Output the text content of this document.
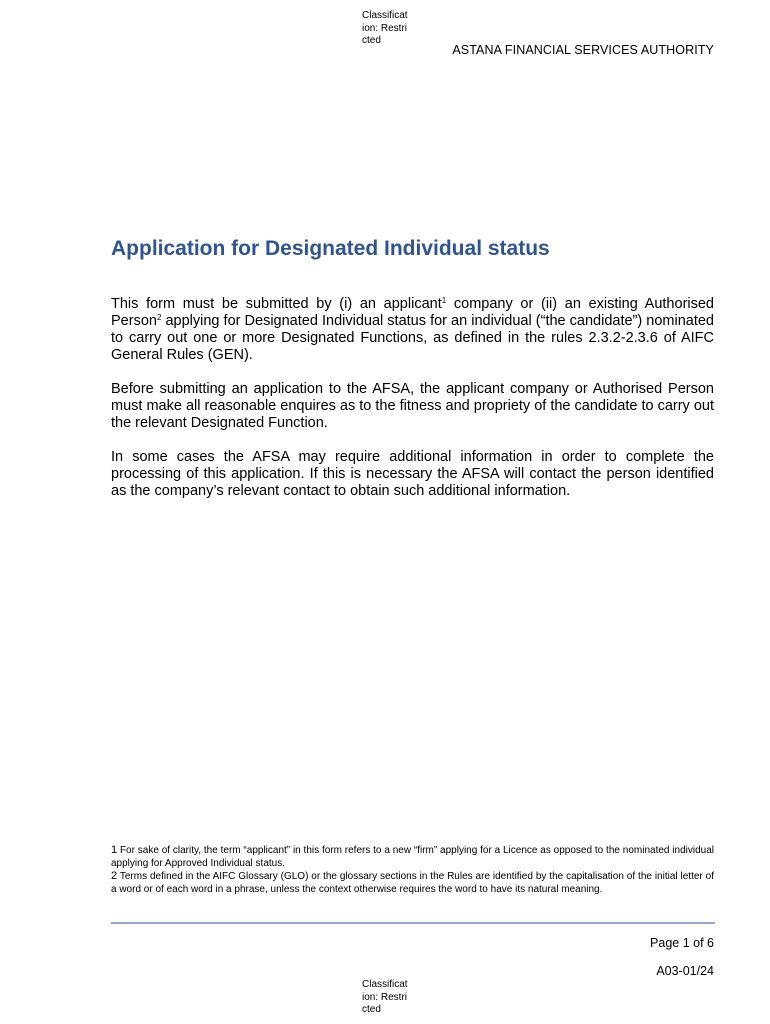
Classification: Restricted
ASTANA FINANCIAL SERVICES AUTHORITY
Application for Designated Individual status

This form must be submitted by (i) an applicant$^1$ company or (ii) an existing Authorised Person$^2$ applying for Designated Individual status for an individual (“the candidate”) nominated to carry out one or more Designated Functions, as defined in the rules 2.3.2-2.3.6 of AIFC General Rules (GEN).

Before submitting an application to the AFSA, the applicant company or Authorised Person must make all reasonable enquires as to the fitness and propriety of the candidate to carry out the relevant Designated Function.

In some cases the AFSA may require additional information in order to complete the processing of this application. If this is necessary the AFSA will contact the person identified as the company’s relevant contact to obtain such additional information.

1 For sake of clarity, the term “applicant” in this form refers to a new “firm” applying for a Licence as opposed to the nominated individual applying for Approved Individual status.
2 Terms defined in the AIFC Glossary (GLO) or the glossary sections in the Rules are identified by the capitalisation of the initial letter of a word or of each word in a phrase, unless the context otherwise requires the word to have its natural meaning.
Page 1 of 6
A03-01/24
Classification: Restricted
